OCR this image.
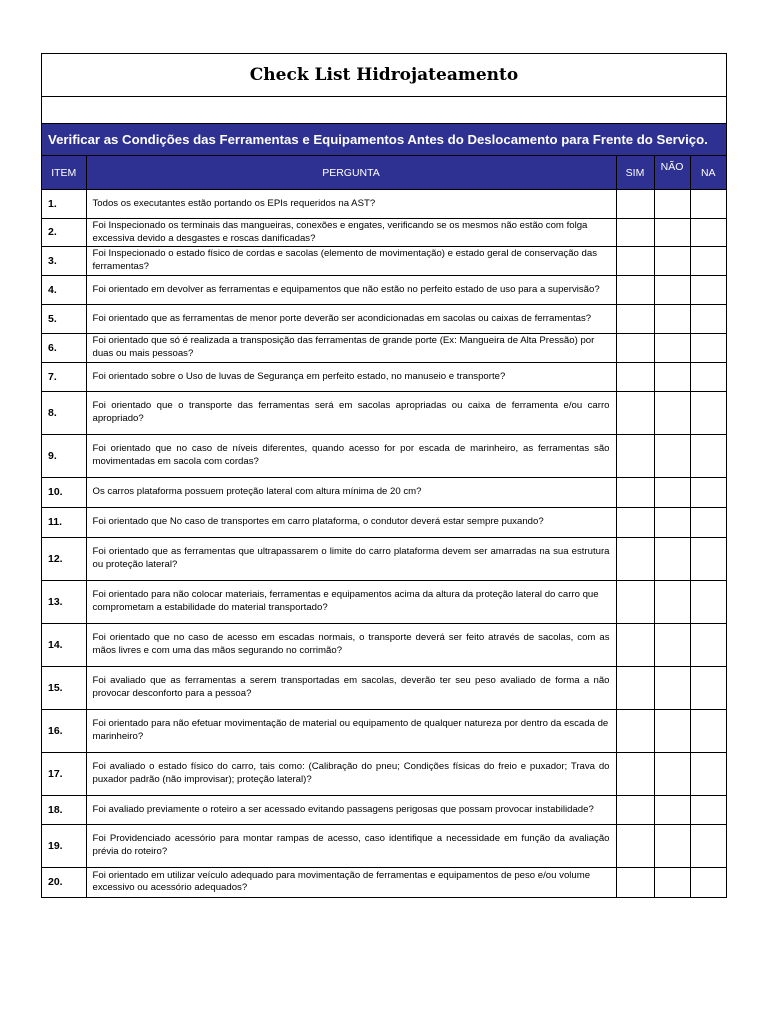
Check List Hidrojateamento
Verificar as Condições das Ferramentas e Equipamentos Antes do Deslocamento para Frente do Serviço.
ITEM	PERGUNTA	SIM	NÃO	NA
1.	Todos os executantes estão portando os EPIs requeridos na AST?			
2.	Foi Inspecionado os terminais das mangueiras, conexões e engates, verificando se os mesmos não estão com folga excessiva devido a desgastes e roscas danificadas?			
3.	Foi Inspecionado o estado físico de cordas e sacolas (elemento de movimentação) e estado geral de conservação das ferramentas?			
4.	Foi orientado em devolver as ferramentas e equipamentos que não estão no perfeito estado de uso para a supervisão?			
5.	Foi orientado que as ferramentas de menor porte deverão ser acondicionadas em sacolas ou caixas de ferramentas?			
6.	Foi orientado que só é realizada a transposição das ferramentas de grande porte (Ex: Mangueira de Alta Pressão) por duas ou mais pessoas?			
7.	Foi orientado sobre o Uso de luvas de Segurança em perfeito estado, no manuseio e transporte?			
8.	Foi orientado que o transporte das ferramentas será em sacolas apropriadas ou caixa de ferramenta e/ou carro apropriado?			
9.	Foi orientado que no caso de níveis diferentes, quando acesso for por escada de marinheiro, as ferramentas são movimentadas em sacola com cordas?			
10.	Os carros plataforma possuem proteção lateral com altura mínima de 20 cm?			
11.	Foi orientado que No caso de transportes em carro plataforma, o condutor deverá estar sempre puxando?			
12.	Foi orientado que as ferramentas que ultrapassarem o limite do carro plataforma devem ser amarradas na sua estrutura ou proteção lateral?			
13.	Foi orientado para não colocar materiais, ferramentas e equipamentos acima da altura da proteção lateral do carro que comprometam a estabilidade do material transportado?			
14.	Foi orientado que no caso de acesso em escadas normais, o transporte deverá ser feito através de sacolas, com as mãos livres e com uma das mãos segurando no corrimão?			
15.	Foi avaliado que as ferramentas a serem transportadas em sacolas, deverão ter seu peso avaliado de forma a não provocar desconforto para a pessoa?			
16.	Foi orientado para não efetuar movimentação de material ou equipamento de qualquer natureza por dentro da escada de marinheiro?			
17.	Foi avaliado o estado físico do carro, tais como: (Calibração do pneu; Condições físicas do freio e puxador; Trava do puxador padrão (não improvisar); proteção lateral)?			
18.	Foi avaliado previamente o roteiro a ser acessado evitando passagens perigosas que possam provocar instabilidade?			
19.	Foi Providenciado acessório para montar rampas de acesso, caso identifique a necessidade em função da avaliação prévia do roteiro?			
20.	Foi orientado em utilizar veículo adequado para movimentação de ferramentas e equipamentos de peso e/ou volume excessivo ou acessório adequados?			
